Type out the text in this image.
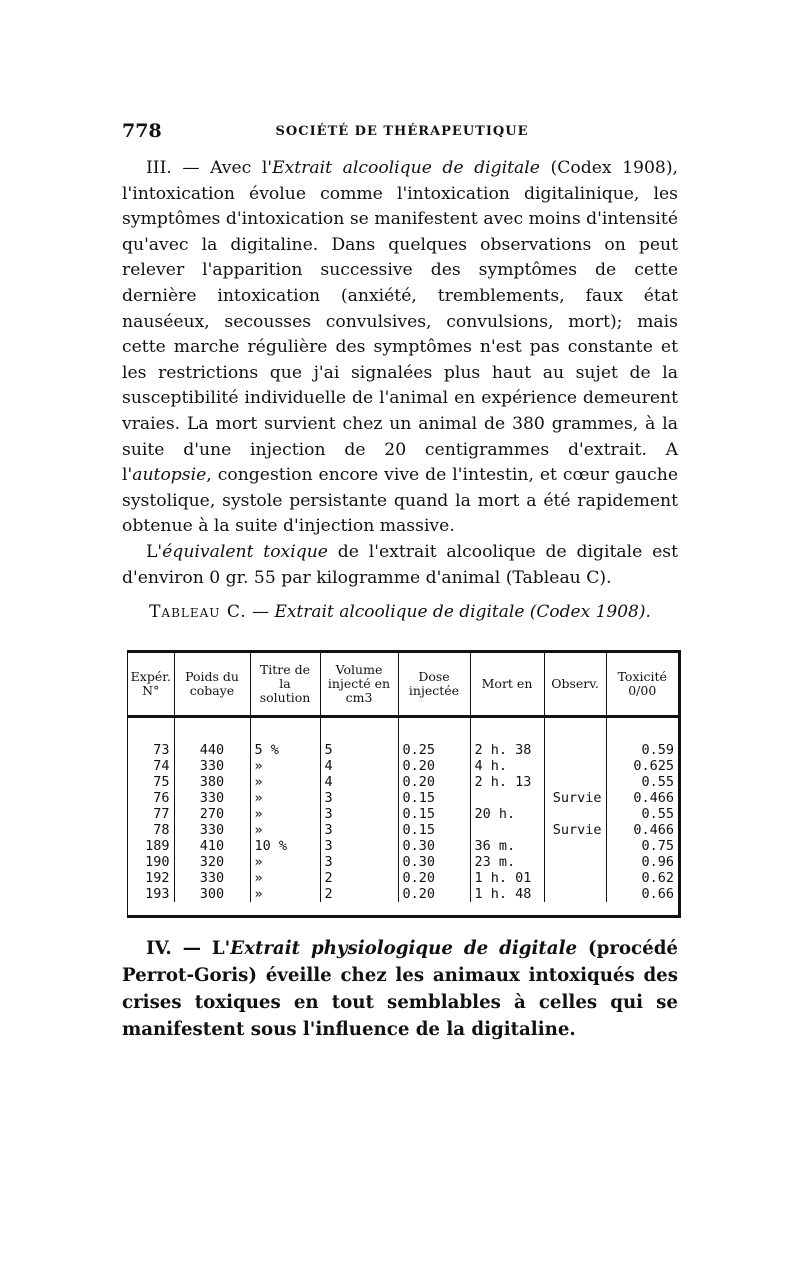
778	SOCIÉTÉ DE THÉRAPEUTIQUE

III. — Avec l'Extrait alcoolique de digitale (Codex 1908), l'intoxication évolue comme l'intoxication digitalinique, les symptômes d'intoxication se manifestent avec moins d'intensité qu'avec la digitaline. Dans quelques observations on peut relever l'apparition successive des symptômes de cette dernière intoxication (anxiété, tremblements, faux état nauséeux, secousses convulsives, convulsions, mort); mais cette marche régulière des symptômes n'est pas constante et les restrictions que j'ai signalées plus haut au sujet de la susceptibilité individuelle de l'animal en expérience demeurent vraies. La mort survient chez un animal de 380 grammes, à la suite d'une injection de 20 centigrammes d'extrait. A l'autopsie, congestion encore vive de l'intestin, et cœur gauche systolique, systole persistante quand la mort a été rapidement obtenue à la suite d'injection massive.

L'équivalent toxique de l'extrait alcoolique de digitale est d'environ 0 gr. 55 par kilogramme d'animal (Tableau C).

Tableau C. — Extrait alcoolique de digitale (Codex 1908).
Expér. N°	Poids du cobaye	Titre de la solution	Volume injecté en cm3	Dose injectée	Mort en	Observ.	Toxicité 0/00
73	440	5 %	5	0.25	2 h. 38		0.59
74	330	»	4	0.20	4 h.		0.625
75	380	»	4	0.20	2 h. 13		0.55
76	330	»	3	0.15		Survie	0.466
77	270	»	3	0.15	20 h.		0.55
78	330	»	3	0.15		Survie	0.466
189	410	10 %	3	0.30	36 m.		0.75
190	320	»	3	0.30	23 m.		0.96
192	330	»	2	0.20	1 h. 01		0.62
193	300	»	2	0.20	1 h. 48		0.66

IV. — L'Extrait physiologique de digitale (procédé Perrot-Goris) éveille chez les animaux intoxiqués des crises toxiques en tout semblables à celles qui se manifestent sous l'influence de la digitaline.
